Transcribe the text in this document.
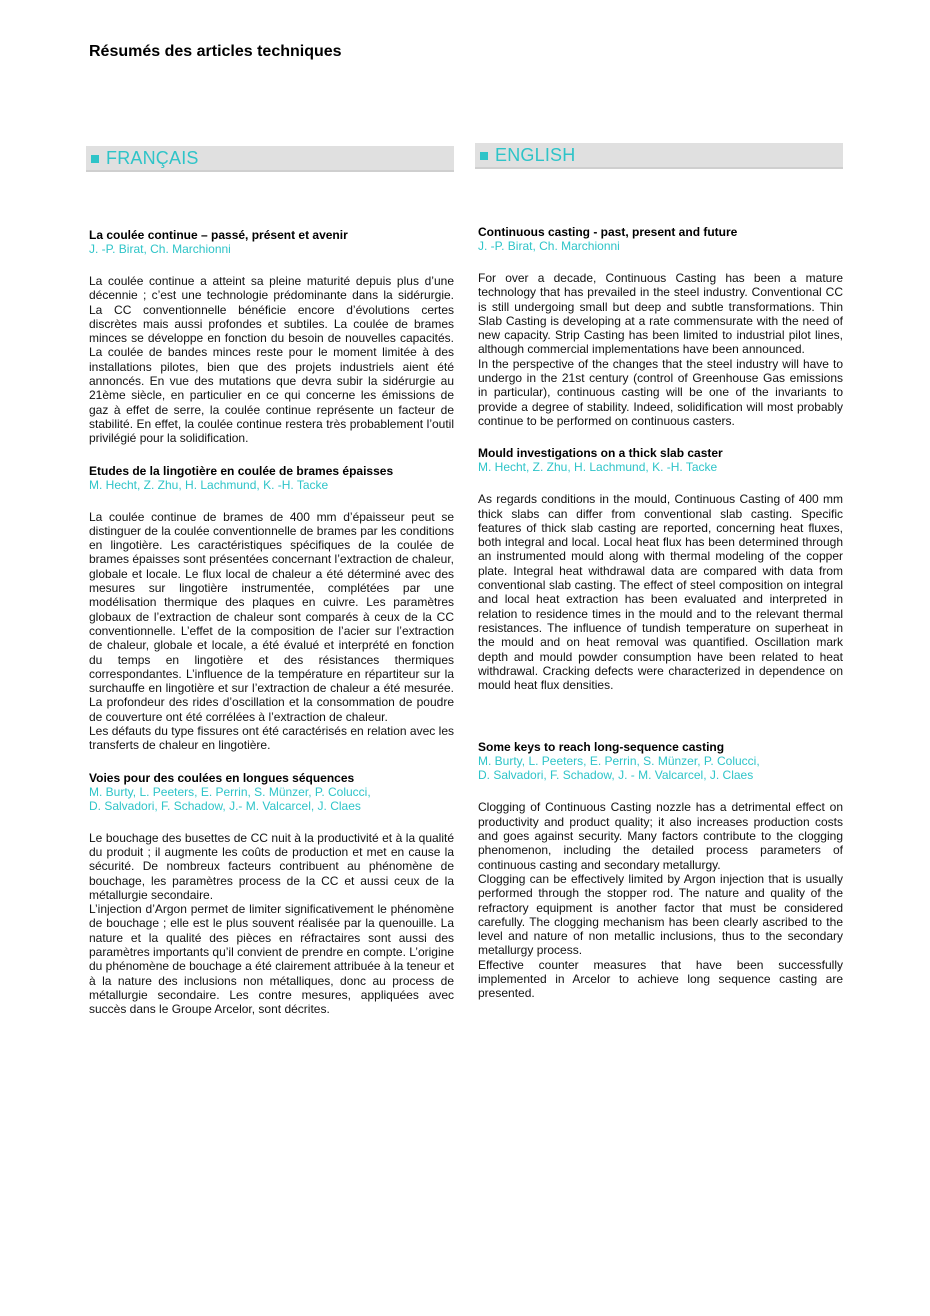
Résumés des articles techniques
FRANÇAIS
La coulée continue – passé, présent et avenir
J. -P. Birat, Ch. Marchionni

La coulée continue a atteint sa pleine maturité depuis plus d’une décennie ; c’est une technologie prédominante dans la sidérurgie. La CC conventionnelle bénéficie encore d’évolutions certes discrètes mais aussi profondes et subtiles. La coulée de brames minces se développe en fonction du besoin de nouvelles capacités. La coulée de bandes minces reste pour le moment limitée à des installations pilotes, bien que des projets industriels aient été annoncés. En vue des mutations que devra subir la sidérurgie au 21ème siècle, en particulier en ce qui concerne les émissions de gaz à effet de serre, la coulée continue représente un facteur de stabilité. En effet, la coulée continue restera très probablement l’outil privilégié pour la solidification.

Etudes de la lingotière en coulée de brames épaisses
M. Hecht, Z. Zhu, H. Lachmund, K. -H. Tacke

La coulée continue de brames de 400 mm d’épaisseur peut se distinguer de la coulée conventionnelle de brames par les conditions en lingotière. Les caractéristiques spécifiques de la coulée de brames épaisses sont présentées concernant l’extraction de chaleur, globale et locale. Le flux local de chaleur a été déterminé avec des mesures sur lingotière instrumentée, complétées par une modélisation thermique des plaques en cuivre. Les paramètres globaux de l’extraction de chaleur sont comparés à ceux de la CC conventionnelle. L’effet de la composition de l’acier sur l’extraction de chaleur, globale et locale, a été évalué et interprété en fonction du temps en lingotière et des résistances thermiques correspondantes. L’influence de la température en répartiteur sur la surchauffe en lingotière et sur l’extraction de chaleur a été mesurée. La profondeur des rides d’oscillation et la consommation de poudre de couverture ont été corrélées à l’extraction de chaleur.

Les défauts du type fissures ont été caractérisés en relation avec les transferts de chaleur en lingotière.

Voies pour des coulées en longues séquences
M. Burty, L. Peeters, E. Perrin, S. Münzer, P. Colucci,
D. Salvadori, F. Schadow, J.- M. Valcarcel, J. Claes

Le bouchage des busettes de CC nuit à la productivité et à la qualité du produit ; il augmente les coûts de production et met en cause la sécurité. De nombreux facteurs contribuent au phénomène de bouchage, les paramètres process de la CC et aussi ceux de la métallurgie secondaire.

L’injection d’Argon permet de limiter significativement le phénomène de bouchage ; elle est le plus souvent réalisée par la quenouille. La nature et la qualité des pièces en réfractaires sont aussi des paramètres importants qu’il convient de prendre en compte. L’origine du phénomène de bouchage a été clairement attribuée à la teneur et à la nature des inclusions non métalliques, donc au process de métallurgie secondaire. Les contre mesures, appliquées avec succès dans le Groupe Arcelor, sont décrites.

ENGLISH
Continuous casting - past, present and future
J. -P. Birat, Ch. Marchionni

For over a decade, Continuous Casting has been a mature technology that has prevailed in the steel industry. Conventional CC is still undergoing small but deep and subtle transformations. Thin Slab Casting is developing at a rate commensurate with the need of new capacity. Strip Casting has been limited to industrial pilot lines, although commercial implementations have been announced.

In the perspective of the changes that the steel industry will have to undergo in the 21st century (control of Greenhouse Gas emissions in particular), continuous casting will be one of the invariants to provide a degree of stability. Indeed, solidification will most probably continue to be performed on continuous casters.

Mould investigations on a thick slab caster
M. Hecht, Z. Zhu, H. Lachmund, K. -H. Tacke

As regards conditions in the mould, Continuous Casting of 400 mm thick slabs can differ from conventional slab casting. Specific features of thick slab casting are reported, concerning heat fluxes, both integral and local. Local heat flux has been determined through an instrumented mould along with thermal modeling of the copper plate. Integral heat withdrawal data are compared with data from conventional slab casting. The effect of steel composition on integral and local heat extraction has been evaluated and interpreted in relation to residence times in the mould and to the relevant thermal resistances. The influence of tundish temperature on superheat in the mould and on heat removal was quantified. Oscillation mark depth and mould powder consumption have been related to heat withdrawal. Cracking defects were characterized in dependence on mould heat flux densities.

Some keys to reach long-sequence casting
M. Burty, L. Peeters, E. Perrin, S. Münzer, P. Colucci,
D. Salvadori, F. Schadow, J. - M. Valcarcel, J. Claes

Clogging of Continuous Casting nozzle has a detrimental effect on productivity and product quality; it also increases production costs and goes against security. Many factors contribute to the clogging phenomenon, including the detailed process parameters of continuous casting and secondary metallurgy.

Clogging can be effectively limited by Argon injection that is usually performed through the stopper rod. The nature and quality of the refractory equipment is another factor that must be considered carefully. The clogging mechanism has been clearly ascribed to the level and nature of non metallic inclusions, thus to the secondary metallurgy process.

Effective counter measures that have been successfully implemented in Arcelor to achieve long sequence casting are presented.
